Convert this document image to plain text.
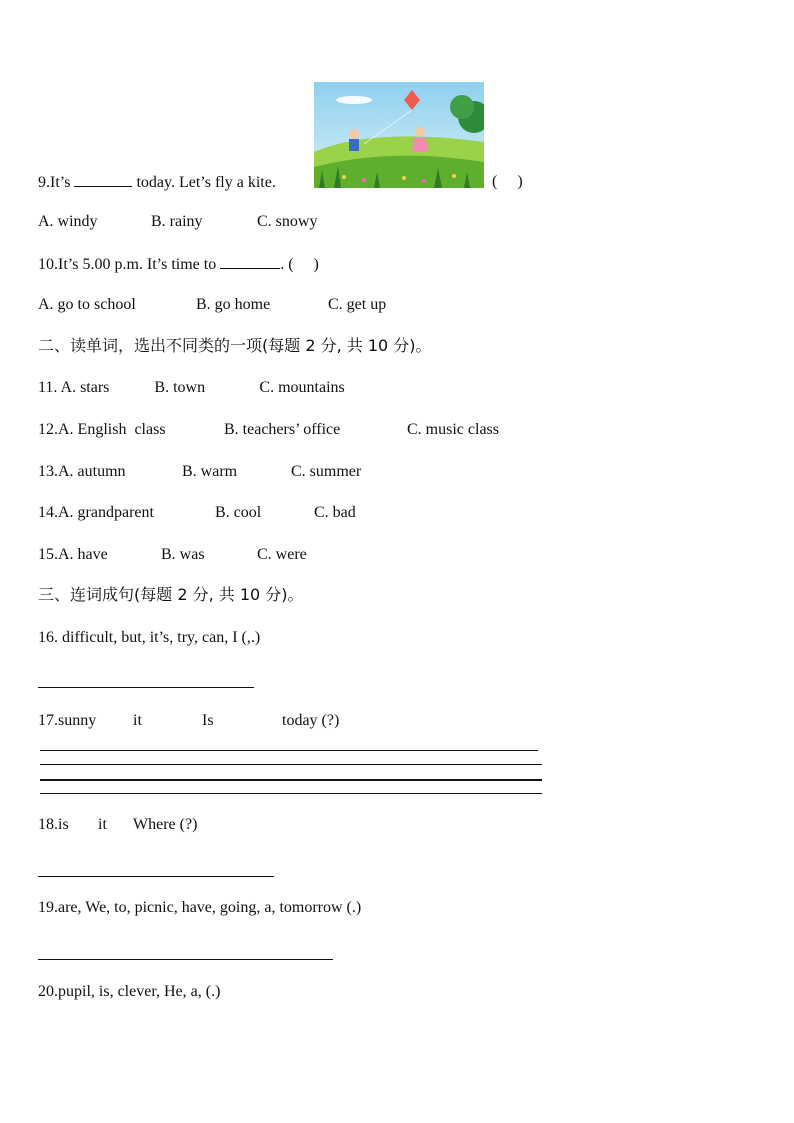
9.It’s	today. Let’s fly a kite.	(     )
A. windy	B. rainy	C. snowy
10.It’s 5.00 p.m. It’s time to	. (     )
A. go to school	B. go home	C. get up
二、读单词，选出不同类的一项(每题 2 分, 共 10 分)。
11. A. stars	B. town	C. mountains
12.A. English  class	B. teachers’ office	C. music class
13.A. autumn	B. warm	C. summer
14.A. grandparent	B. cool	C. bad
15.A. have	B. was	C. were
三、连词成句(每题 2 分, 共 10 分)。
16. difficult, but, it’s, try, can, I (,.)
17.sunny it	Is	today (?)
18.is it Where (?)
19.are, We, to, picnic, have, going, a, tomorrow (.)
20.pupil, is, clever, He, a, (.)
